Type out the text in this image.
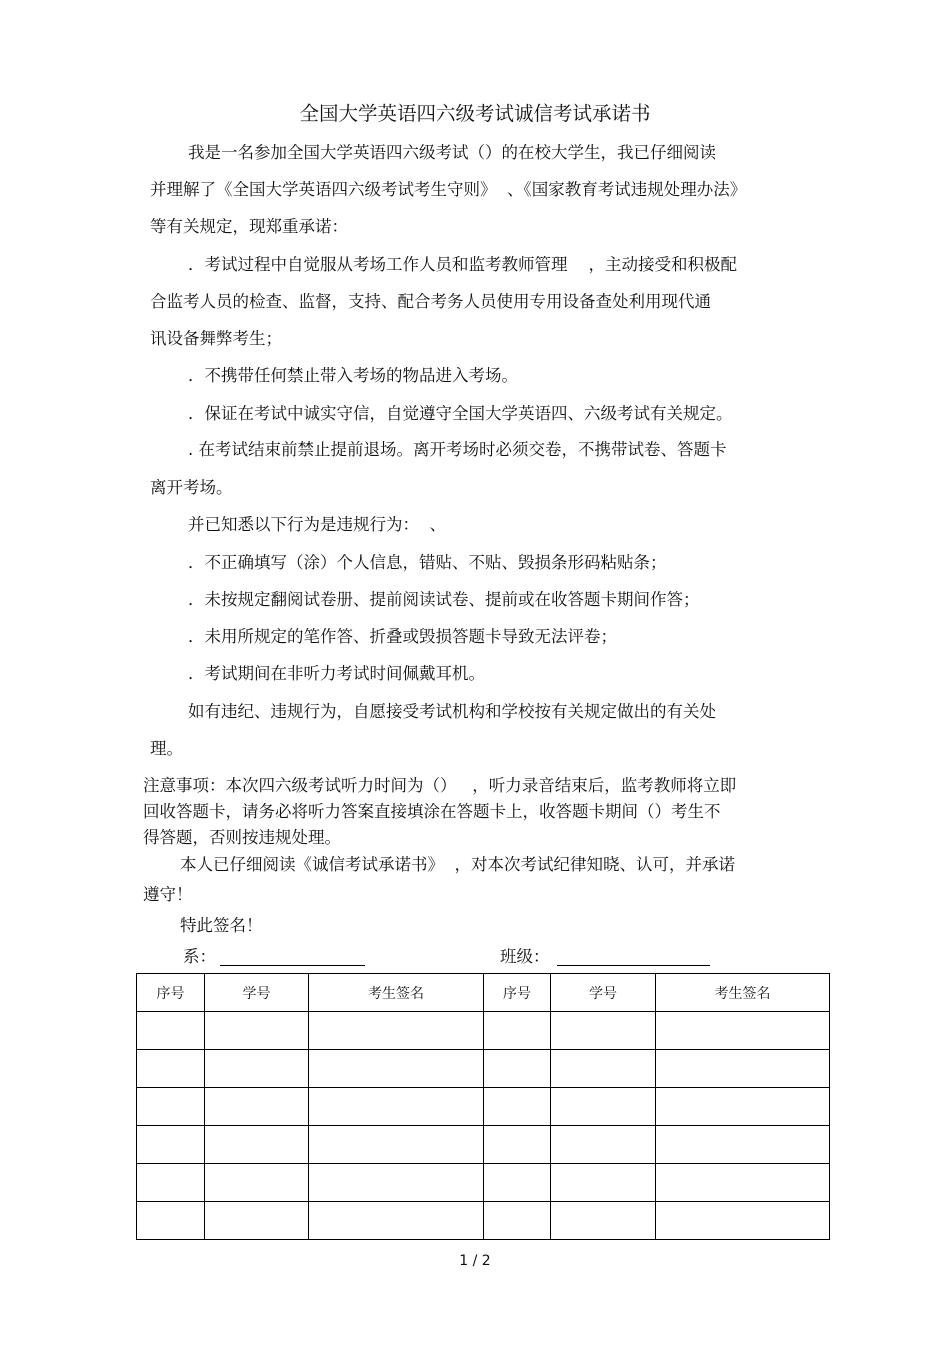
全国大学英语四六级考试诚信考试承诺书
我是一名参加全国大学英语四六级考试（）的在校大学生，我已仔细阅读
并理解了《全国大学英语四六级考试考生守则》  、《国家教育考试违规处理办法》
等有关规定，现郑重承诺：
．考试过程中自觉服从考场工作人员和监考教师管理    ，主动接受和积极配
合监考人员的检查、监督，支持、配合考务人员使用专用设备查处利用现代通
讯设备舞弊考生；
．不携带任何禁止带入考场的物品进入考场。
．保证在考试中诚实守信，自觉遵守全国大学英语四、六级考试有关规定。
. 在考试结束前禁止提前退场。离开考场时必须交卷，不携带试卷、答题卡
离开考场。
并已知悉以下行为是违规行为：  、
．不正确填写（涂）个人信息，错贴、不贴、毁损条形码粘贴条；
．未按规定翻阅试卷册、提前阅读试卷、提前或在收答题卡期间作答；
．未用所规定的笔作答、折叠或毁损答题卡导致无法评卷；
．考试期间在非听力考试时间佩戴耳机。
如有违纪、违规行为，自愿接受考试机构和学校按有关规定做出的有关处
理。
注意事项：本次四六级考试听力时间为（）   ，听力录音结束后，监考教师将立即
回收答题卡，请务必将听力答案直接填涂在答题卡上，收答题卡期间（）考生不
得答题，否则按违规处理。
本人已仔细阅读《诚信考试承诺书》  ，对本次考试纪律知晓、认可，并承诺
遵守！
特此签名！
系：	班级：
序号	学号	考生签名	序号	学号	考生签名

1 / 2
